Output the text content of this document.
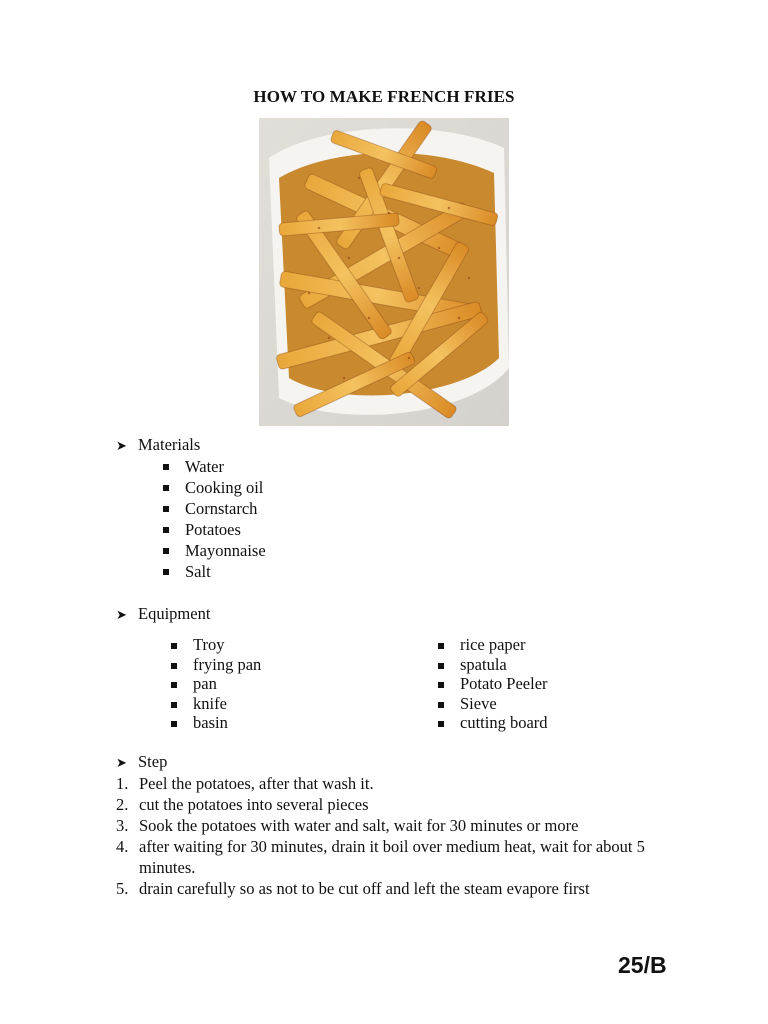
HOW TO MAKE FRENCH FRIES
➤ Materials
Water
Cooking oil
Cornstarch
Potatoes
Mayonnaise
Salt
➤ Equipment
Troy
frying pan
pan
knife
basin
rice paper
spatula
Potato Peeler
Sieve
cutting board
➤ Step
1. Peel the potatoes, after that wash it.
2. cut the potatoes into several pieces
3. Sook the potatoes with water and salt, wait for 30 minutes or more
4. after waiting for 30 minutes, drain it boil over medium heat, wait for about 5 minutes.
5. drain carefully so as not to be cut off and left the steam evapore first
25/B
